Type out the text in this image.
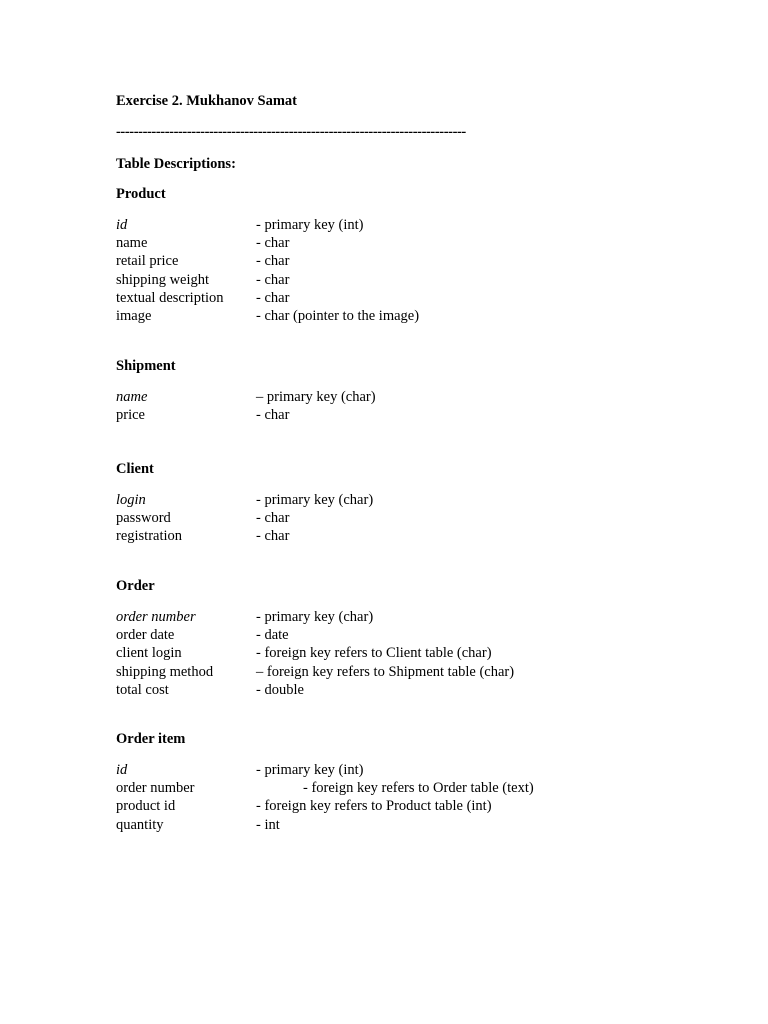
Exercise 2. Mukhanov Samat
-------------------------------------------------------------------------------
Table Descriptions:
Product
id	- primary key (int)
name	- char
retail price	- char
shipping weight	- char
textual description - char
image	- char (pointer to the image)
Shipment
name	– primary key (char)
price	- char
Client
login	- primary key (char)
password	- char
registration	- char
Order
order number	- primary key (char)
order date	- date
client login	- foreign key refers to Client table (char)
shipping method	– foreign key refers to Shipment table (char)
total cost	- double
Order item
id	- primary key (int)
order number	- foreign key refers to Order table (text)
product id	- foreign key refers to Product table (int)
quantity	- int
